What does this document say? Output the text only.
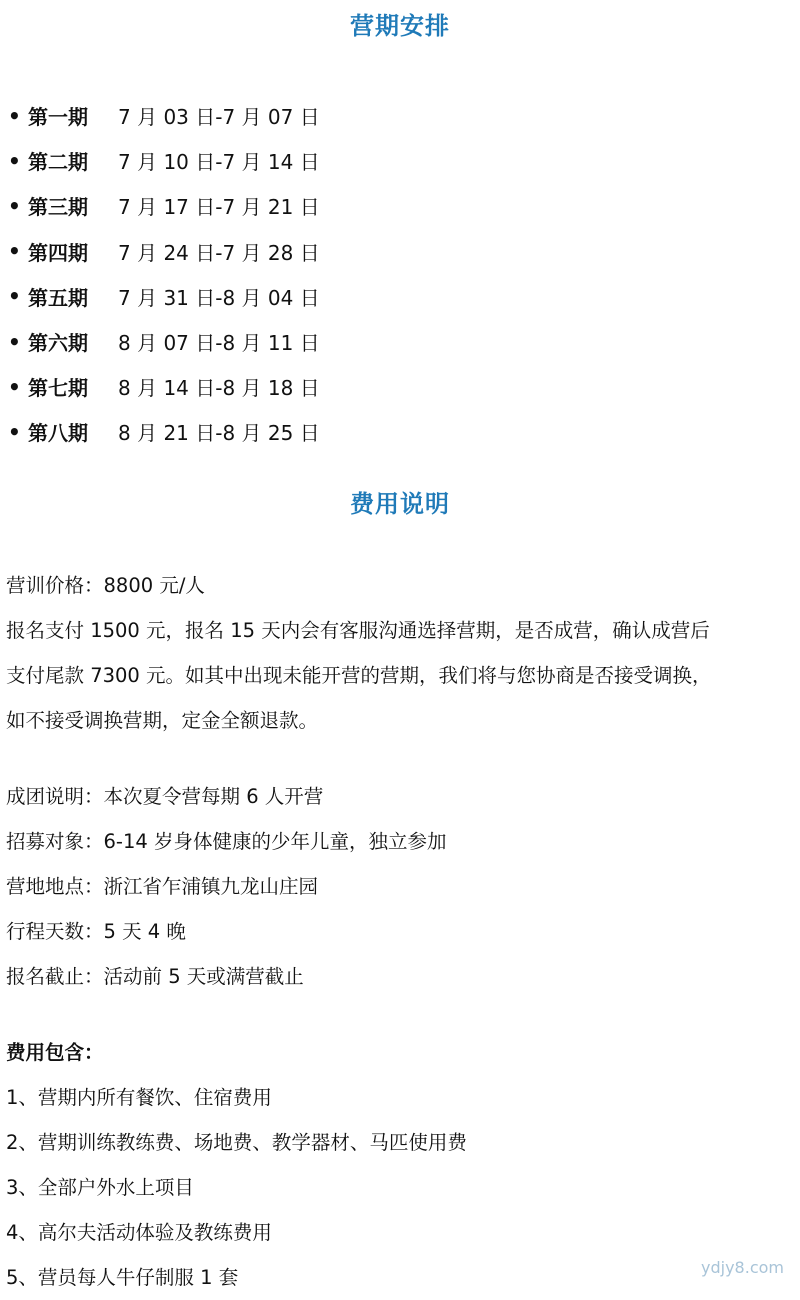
营期安排
• 第一期	7 月 03 日-7 月 07 日
• 第二期	7 月 10 日-7 月 14 日
• 第三期	7 月 17 日-7 月 21 日
• 第四期	7 月 24 日-7 月 28 日
• 第五期	7 月 31 日-8 月 04 日
• 第六期	8 月 07 日-8 月 11 日
• 第七期	8 月 14 日-8 月 18 日
• 第八期	8 月 21 日-8 月 25 日
费用说明
营训价格：8800 元/人
报名支付 1500 元，报名 15 天内会有客服沟通选择营期，是否成营，确认成营后
支付尾款 7300 元。如其中出现未能开营的营期，我们将与您协商是否接受调换，
如不接受调换营期，定金全额退款。
成团说明：本次夏令营每期 6 人开营
招募对象：6-14 岁身体健康的少年儿童，独立参加
营地地点：浙江省乍浦镇九龙山庄园
行程天数：5 天 4 晚
报名截止：活动前 5 天或满营截止
费用包含：
1、营期内所有餐饮、住宿费用
2、营期训练教练费、场地费、教学器材、马匹使用费
3、全部户外水上项目
4、高尔夫活动体验及教练费用
5、营员每人牛仔制服 1 套	ydjy8.com
